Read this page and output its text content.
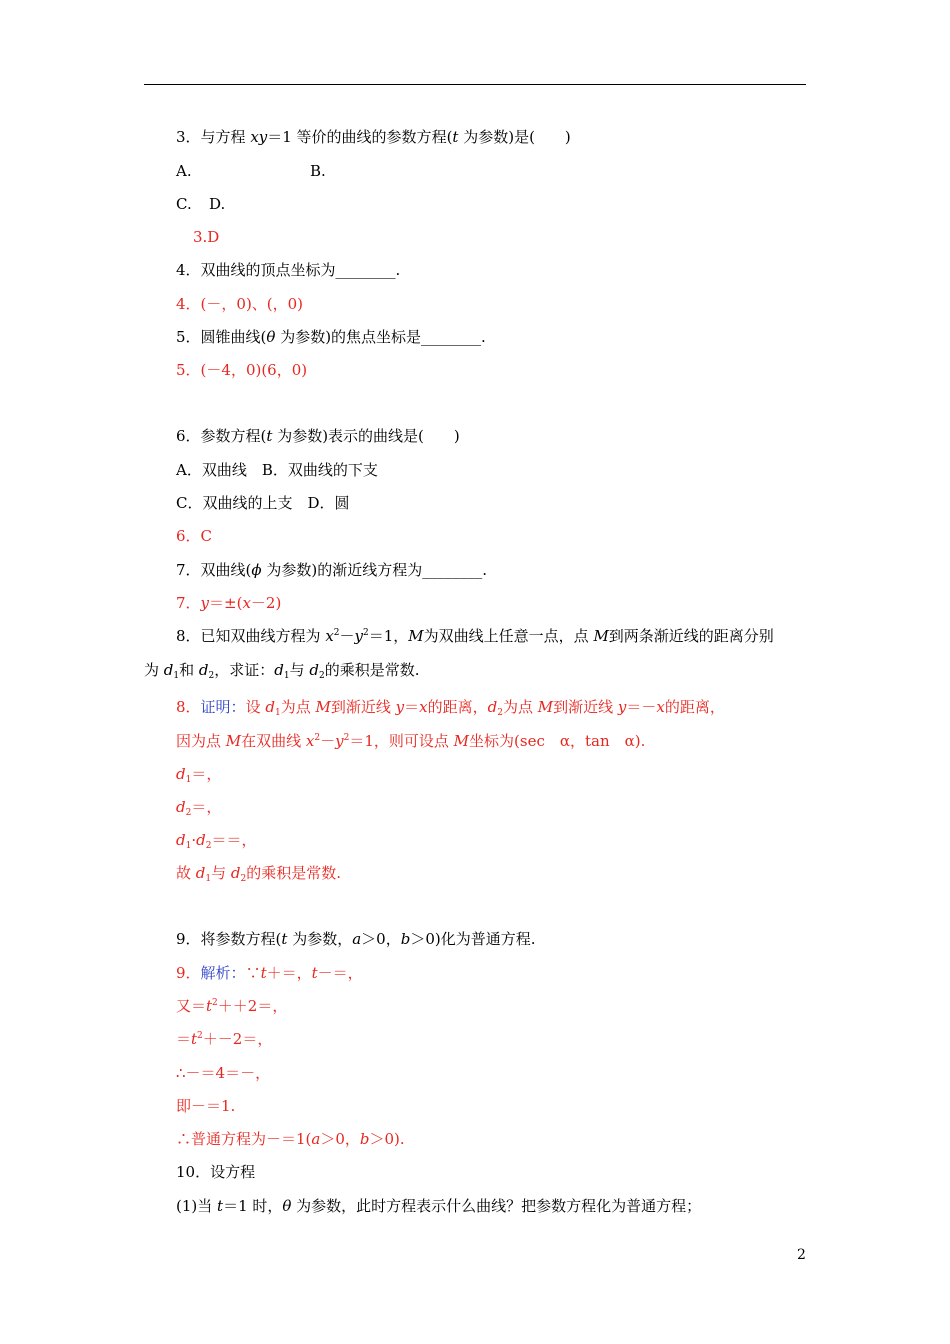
3．与方程 xy＝1 等价的曲线的参数方程(t 为参数)是(　　)
A.	B.
C. D.
3.D
4．双曲线的顶点坐标为________.
4．(－，0)、(，0)
5．圆锥曲线(θ 为参数)的焦点坐标是________.
5．(－4，0)(6，0)
6．参数方程(t 为参数)表示的曲线是(　　)
A．双曲线　B．双曲线的下支
C．双曲线的上支　D．圆
6．C
7．双曲线(ϕ 为参数)的渐近线方程为________.
7．y＝±(x－2)
8．已知双曲线方程为 $x^2-y^2=1$，M为双曲线上任意一点，点 M到两条渐近线的距离分别
为 $d_1$和 $d_2$，求证：$d_1$与 $d_2$的乘积是常数.
8．证明：设 $d_1$为点 M到渐近线 y＝x的距离，$d_2$为点 M到渐近线 y＝－x的距离，
因为点 M在双曲线 $x^2-y^2=1$，则可设点 M坐标为(sec　α，tan　α).
$d_1=$，
$d_2=$，
$d_1\cdot d_2==$，
故 $d_1$与 $d_2$的乘积是常数.
9．将参数方程(t 为参数，a＞0，b＞0)化为普通方程.
9．解析：∵t＋＝，t－＝，
又$=t^2++2=$，
$=t^2+-2=$，
∴－＝4＝－，
即－＝1.
∴普通方程为－＝1(a＞0，b＞0).
10．设方程
(1)当 t＝1 时，θ 为参数，此时方程表示什么曲线？把参数方程化为普通方程；
2
